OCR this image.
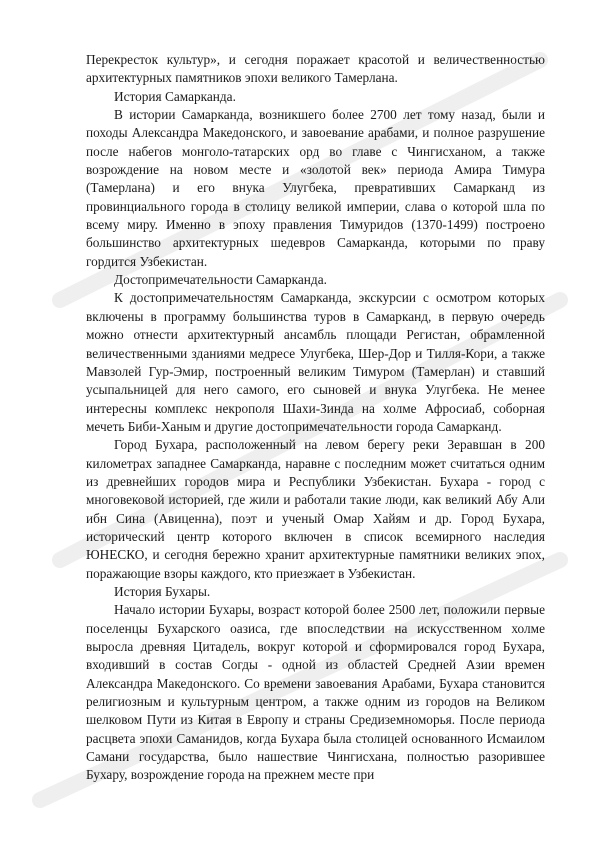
Перекресток культур», и сегодня поражает красотой и величественностью архитектурных памятников эпохи великого Тамерлана.

История Самарканда.

В истории Самарканда, возникшего более 2700 лет тому назад, были и походы Александра Македонского, и завоевание арабами, и полное разрушение после набегов монголо-татарских орд во главе с Чингисханом, а также возрождение на новом месте и «золотой век» периода Амира Тимура (Тамерлана) и его внука Улугбека, превративших Самарканд из провинциального города в столицу великой империи, слава о которой шла по всему миру. Именно в эпоху правления Тимуридов (1370-1499) построено большинство архитектурных шедевров Самарканда, которыми по праву гордится Узбекистан.

Достопримечательности Самарканда.

К достопримечательностям Самарканда, экскурсии с осмотром которых включены в программу большинства туров в Самарканд, в первую очередь можно отнести архитектурный ансамбль площади Регистан, обрамленной величественными зданиями медресе Улугбека, Шер-Дор и Тилля-Кори, а также Мавзолей Гур-Эмир, построенный великим Тимуром (Тамерлан) и ставший усыпальницей для него самого, его сыновей и внука Улугбека. Не менее интересны комплекс некрополя Шахи-Зинда на холме Афросиаб, соборная мечеть Биби-Ханым и другие достопримечательности города Самарканд.

Город Бухара, расположенный на левом берегу реки Зеравшан в 200 километрах западнее Самарканда, наравне с последним может считаться одним из древнейших городов мира и Республики Узбекистан. Бухара - город с многовековой историей, где жили и работали такие люди, как великий Абу Али ибн Сина (Авиценна), поэт и ученый Омар Хайям и др. Город Бухара, исторический центр которого включен в список всемирного наследия ЮНЕСКО, и сегодня бережно хранит архитектурные памятники великих эпох, поражающие взоры каждого, кто приезжает в Узбекистан.

История Бухары.

Начало истории Бухары, возраст которой более 2500 лет, положили первые поселенцы Бухарского оазиса, где впоследствии на искусственном холме выросла древняя Цитадель, вокруг которой и сформировался город Бухара, входивший в состав Согды - одной из областей Средней Азии времен Александра Македонского. Со времени завоевания Арабами, Бухара становится религиозным и культурным центром, а также одним из городов на Великом шелковом Пути из Китая в Европу и страны Средиземноморья. После периода расцвета эпохи Саманидов, когда Бухара была столицей основанного Исмаилом Самани государства, было нашествие Чингисхана, полностью разорившее Бухару, возрождение города на прежнем месте при
